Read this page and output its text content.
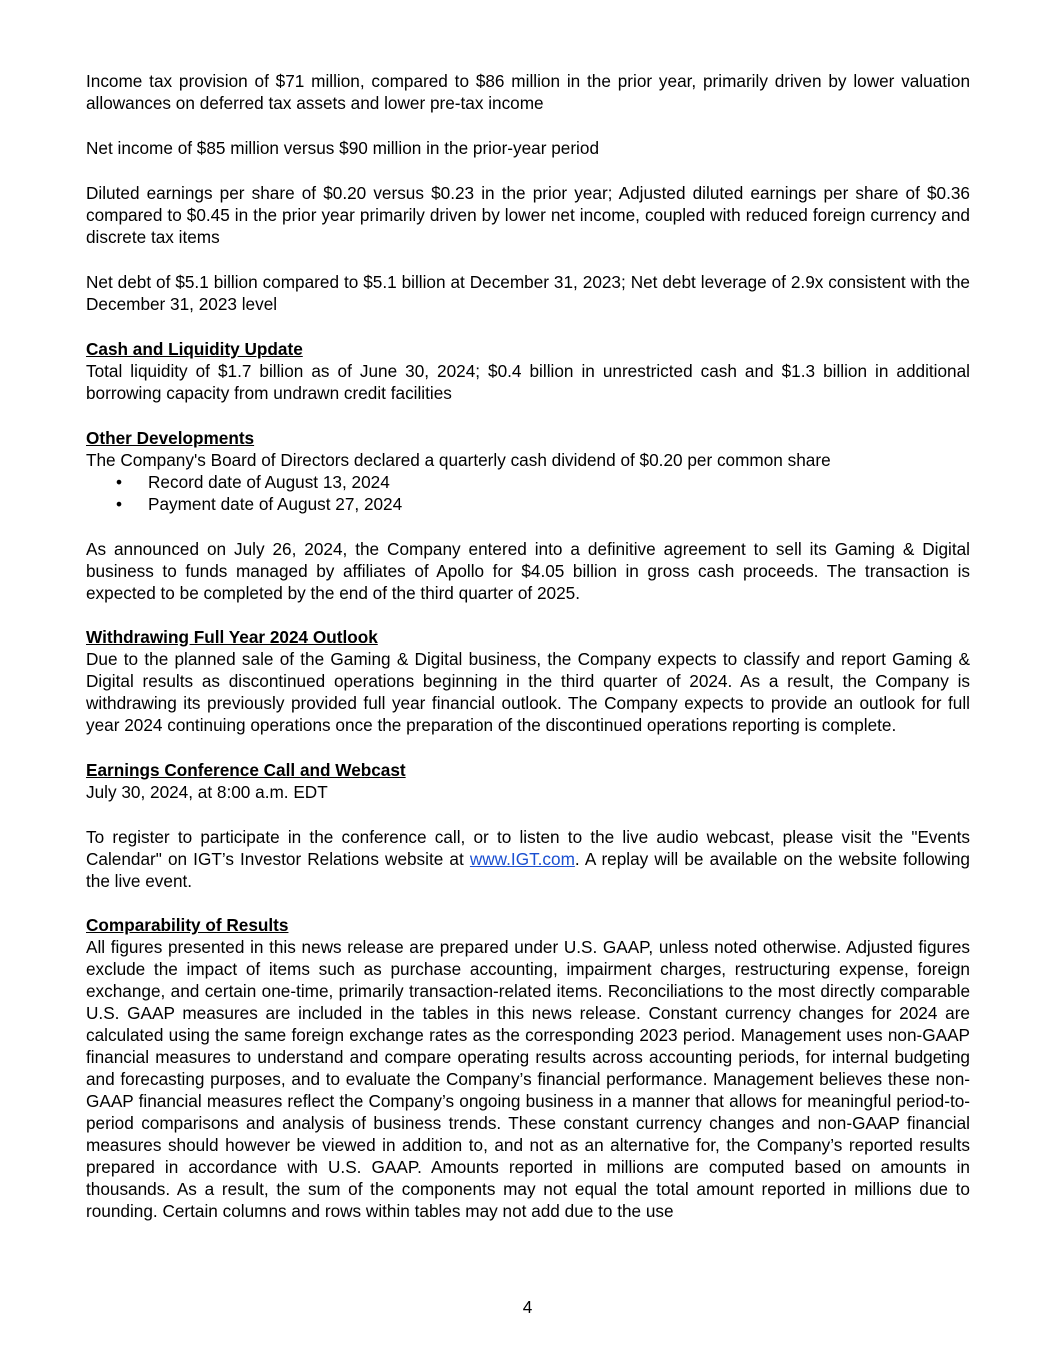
Income tax provision of $71 million, compared to $86 million in the prior year, primarily driven by lower valuation allowances on deferred tax assets and lower pre-tax income

Net income of $85 million versus $90 million in the prior-year period

Diluted earnings per share of $0.20 versus $0.23 in the prior year; Adjusted diluted earnings per share of $0.36 compared to $0.45 in the prior year primarily driven by lower net income, coupled with reduced foreign currency and discrete tax items

Net debt of $5.1 billion compared to $5.1 billion at December 31, 2023; Net debt leverage of 2.9x consistent with the December 31, 2023 level

Cash and Liquidity Update

Total liquidity of $1.7 billion as of June 30, 2024; $0.4 billion in unrestricted cash and $1.3 billion in additional borrowing capacity from undrawn credit facilities

Other Developments

The Company's Board of Directors declared a quarterly cash dividend of $0.20 per common share

• Record date of August 13, 2024
• Payment date of August 27, 2024

As announced on July 26, 2024, the Company entered into a definitive agreement to sell its Gaming & Digital business to funds managed by affiliates of Apollo for $4.05 billion in gross cash proceeds. The transaction is expected to be completed by the end of the third quarter of 2025.

Withdrawing Full Year 2024 Outlook

Due to the planned sale of the Gaming & Digital business, the Company expects to classify and report Gaming & Digital results as discontinued operations beginning in the third quarter of 2024. As a result, the Company is withdrawing its previously provided full year financial outlook. The Company expects to provide an outlook for full year 2024 continuing operations once the preparation of the discontinued operations reporting is complete.

Earnings Conference Call and Webcast

July 30, 2024, at 8:00 a.m. EDT

To register to participate in the conference call, or to listen to the live audio webcast, please visit the "Events Calendar" on IGT’s Investor Relations website at www.IGT.com. A replay will be available on the website following the live event.

Comparability of Results

All figures presented in this news release are prepared under U.S. GAAP, unless noted otherwise. Adjusted figures exclude the impact of items such as purchase accounting, impairment charges, restructuring expense, foreign exchange, and certain one-time, primarily transaction-related items. Reconciliations to the most directly comparable U.S. GAAP measures are included in the tables in this news release. Constant currency changes for 2024 are calculated using the same foreign exchange rates as the corresponding 2023 period. Management uses non-GAAP financial measures to understand and compare operating results across accounting periods, for internal budgeting and forecasting purposes, and to evaluate the Company’s financial performance. Management believes these non-GAAP financial measures reflect the Company’s ongoing business in a manner that allows for meaningful period-to-period comparisons and analysis of business trends. These constant currency changes and non-GAAP financial measures should however be viewed in addition to, and not as an alternative for, the Company’s reported results prepared in accordance with U.S. GAAP. Amounts reported in millions are computed based on amounts in thousands. As a result, the sum of the components may not equal the total amount reported in millions due to rounding. Certain columns and rows within tables may not add due to the use

4
